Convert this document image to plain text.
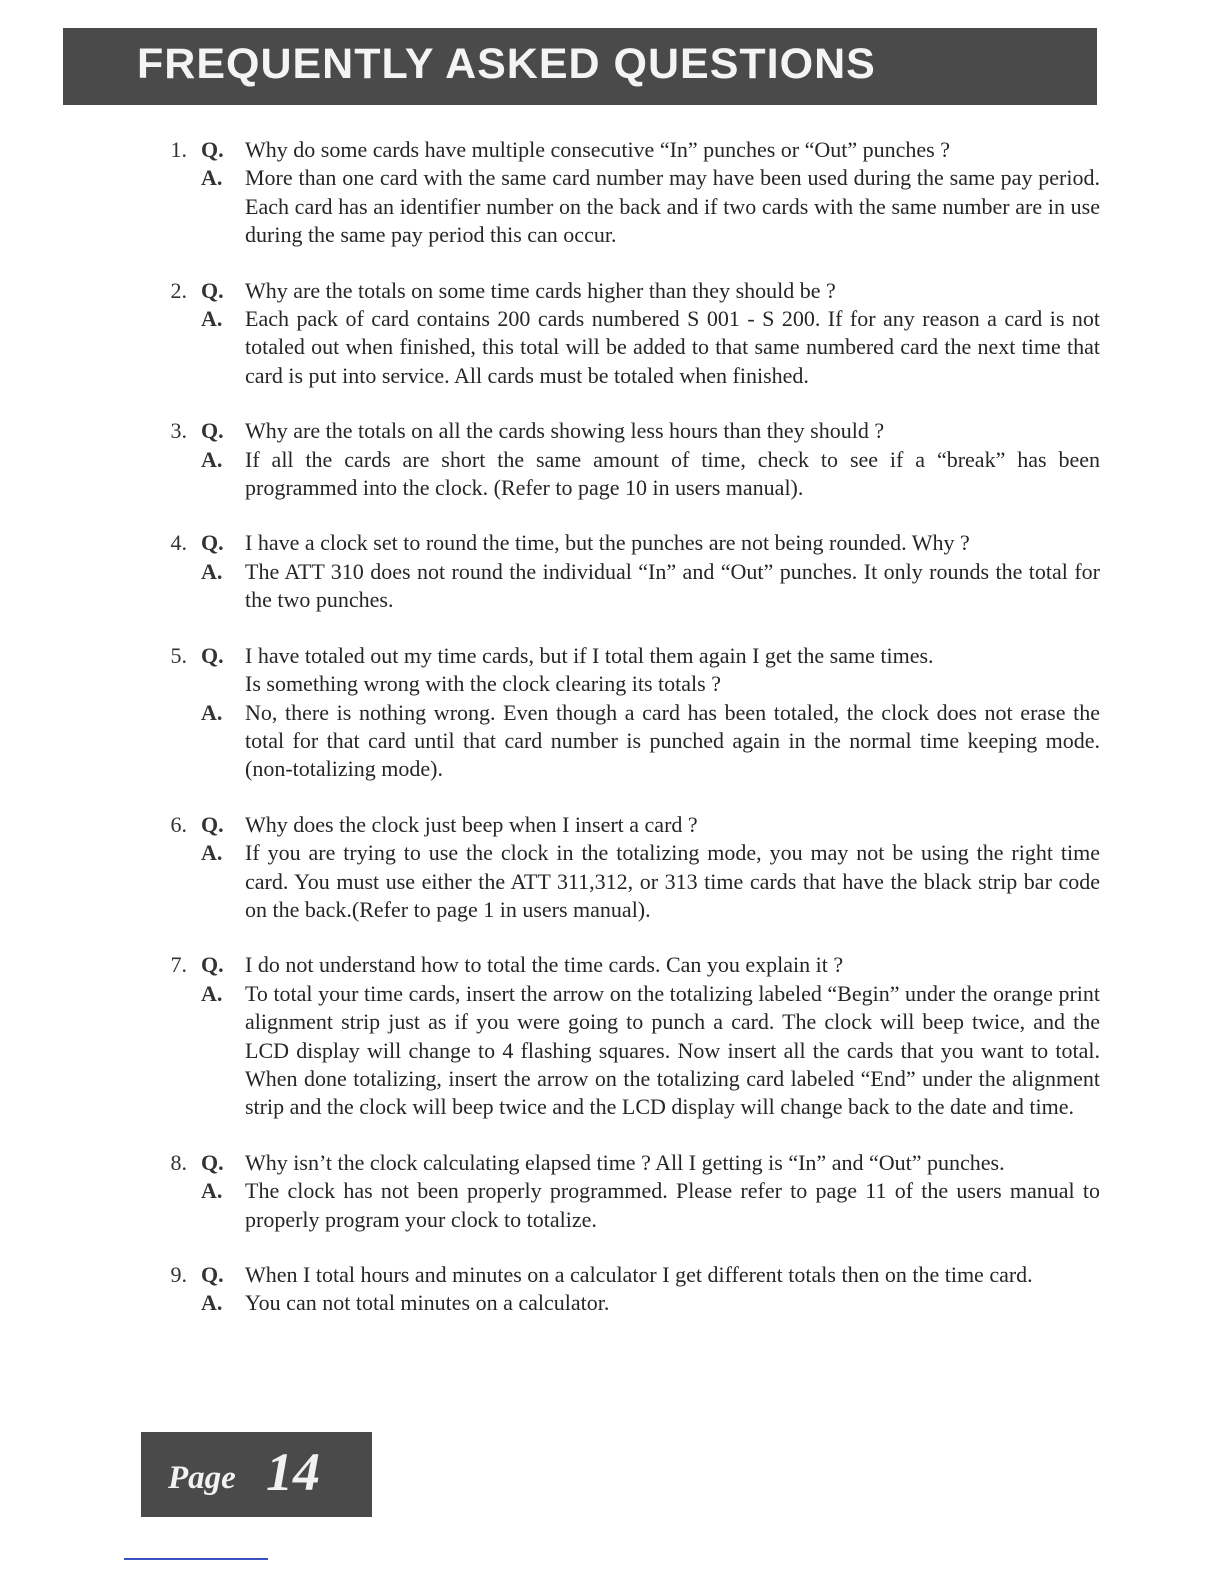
FREQUENTLY ASKED QUESTIONS
1. Q. Why do some cards have multiple consecutive “In” punches or “Out” punches ?
A.	More than one card with the same card number may have been used during the same pay period. Each card has an identifier number on the back and if two cards with the same number are in use during the same pay period this can occur.
2. Q. Why are the totals on some time cards higher than they should be ?
A.	Each pack of card contains 200 cards numbered S 001 - S 200. If for any reason a card is not totaled out when finished, this total will be added to that same numbered card the next time that card is put into service. All cards must be totaled when finished.
3. Q. Why are the totals on all the cards showing less hours than they should ?
A.	If all the cards are short the same amount of time, check to see if a “break” has been programmed into the clock. (Refer to page 10 in users manual).
4. Q. I have a clock set to round the time, but the punches are not being rounded. Why ?
A.	The ATT 310 does not round the individual “In” and “Out” punches. It only rounds the total for the two punches.
5. Q. I have totaled out my time cards, but if I total them again I get the same times.
Is something wrong with the clock clearing its totals ?
A.	No, there is nothing wrong. Even though a card has been totaled, the clock does not erase the total for that card until that card number is punched again in the normal time keeping mode.(non-totalizing mode).
6. Q. Why does the clock just beep when I insert a card ?
A.	If you are trying to use the clock in the totalizing mode, you may not be using the right time card. You must use either the ATT 311,312, or 313 time cards that have the black strip bar code on the back.(Refer to page 1 in users manual).
7. Q. I do not understand how to total the time cards. Can you explain it ?
A.	To total your time cards, insert the arrow on the totalizing labeled “Begin” under the orange print alignment strip just as if you were going to punch a card. The clock will beep twice, and the LCD display will change to 4 flashing squares. Now insert all the cards that you want to total. When done totalizing, insert the arrow on the totalizing card labeled “End” under the alignment strip and the clock will beep twice and the LCD display will change back to the date and time.
8. Q. Why isn’t the clock calculating elapsed time ? All I getting is “In” and “Out” punches.
A.	The clock has not been properly programmed. Please refer to page 11 of the users manual to properly program your clock to totalize.
9. Q. When I total hours and minutes on a calculator I get different totals then on the time card.
A.	You can not total minutes on a calculator.
Page 14
